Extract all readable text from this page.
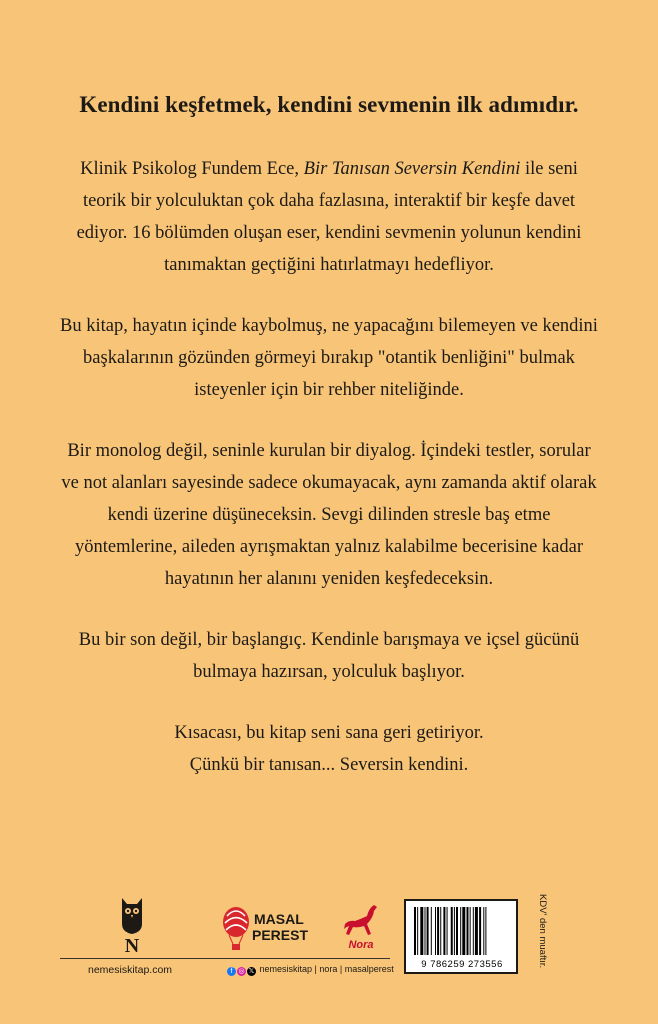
Kendini keşfetmek, kendini sevmenin ilk adımıdır.

Klinik Psikolog Fundem Ece, Bir Tanısan Seversin Kendini ile seni teorik bir yolculuktan çok daha fazlasına, interaktif bir keşfe davet ediyor. 16 bölümden oluşan eser, kendini sevmenin yolunun kendini tanımaktan geçtiğini hatırlatmayı hedefliyor.

Bu kitap, hayatın içinde kaybolmuş, ne yapacağını bilemeyen ve kendini başkalarının gözünden görmeyi bırakıp "otantik benliğini" bulmak isteyenler için bir rehber niteliğinde.

Bir monolog değil, seninle kurulan bir diyalog. İçindeki testler, sorular ve not alanları sayesinde sadece okumayacak, aynı zamanda aktif olarak kendi üzerine düşüneceksin. Sevgi dilinden stresle baş etme yöntemlerine, aileden ayrışmaktan yalnız kalabilme becerisine kadar hayatının her alanını yeniden keşfedeceksin.

Bu bir son değil, bir başlangıç. Kendinle barışmaya ve içsel gücünü bulmaya hazırsan, yolculuk başlıyor.

Kısacası, bu kitap seni sana geri getiriyor.
Çünkü bir tanısan... Seversin kendini.

N
MASAL
PEREST
Nora
nemesiskitap.com	f ◎ 𝕏 nemesiskitap | nora | masalperest	9 786259 273556	KDV' den muaftır.
